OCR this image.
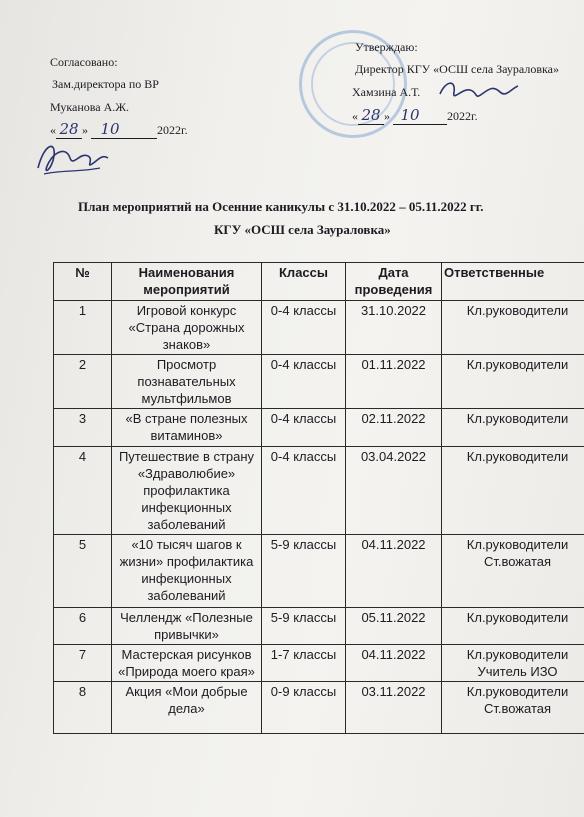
Согласовано:
Зам.директора по ВР
Муканова А.Ж.
« 28 » 10	2022г.
Утверждаю:
Директор КГУ «ОСШ села Заураловка»
Хамзина А.Т.
« 28 » 10 2022г.
План мероприятий на Осенние каникулы с 31.10.2022 – 05.11.2022 гг.
КГУ «ОСШ села Заураловка»
№	Наименования мероприятий	Классы	Дата проведения	Ответственные
1	Игровой конкурс «Страна дорожных знаков»	0-4 классы	31.10.2022	Кл.руководители
2	Просмотр познавательных мультфильмов	0-4 классы	01.11.2022	Кл.руководители
3	«В стране полезных витаминов»	0-4 классы	02.11.2022	Кл.руководители
4	Путешествие в страну «Здраволюбие» профилактика инфекционных заболеваний	0-4 классы	03.04.2022	Кл.руководители
5	«10 тысяч шагов к жизни» профилактика инфекционных заболеваний	5-9 классы	04.11.2022	Кл.руководители Ст.вожатая
6	Челлендж «Полезные привычки»	5-9 классы	05.11.2022	Кл.руководители
7	Мастерская рисунков «Природа моего края»	1-7 классы	04.11.2022	Кл.руководители Учитель ИЗО
8	Акция «Мои добрые дела»	0-9 классы	03.11.2022	Кл.руководители Ст.вожатая
